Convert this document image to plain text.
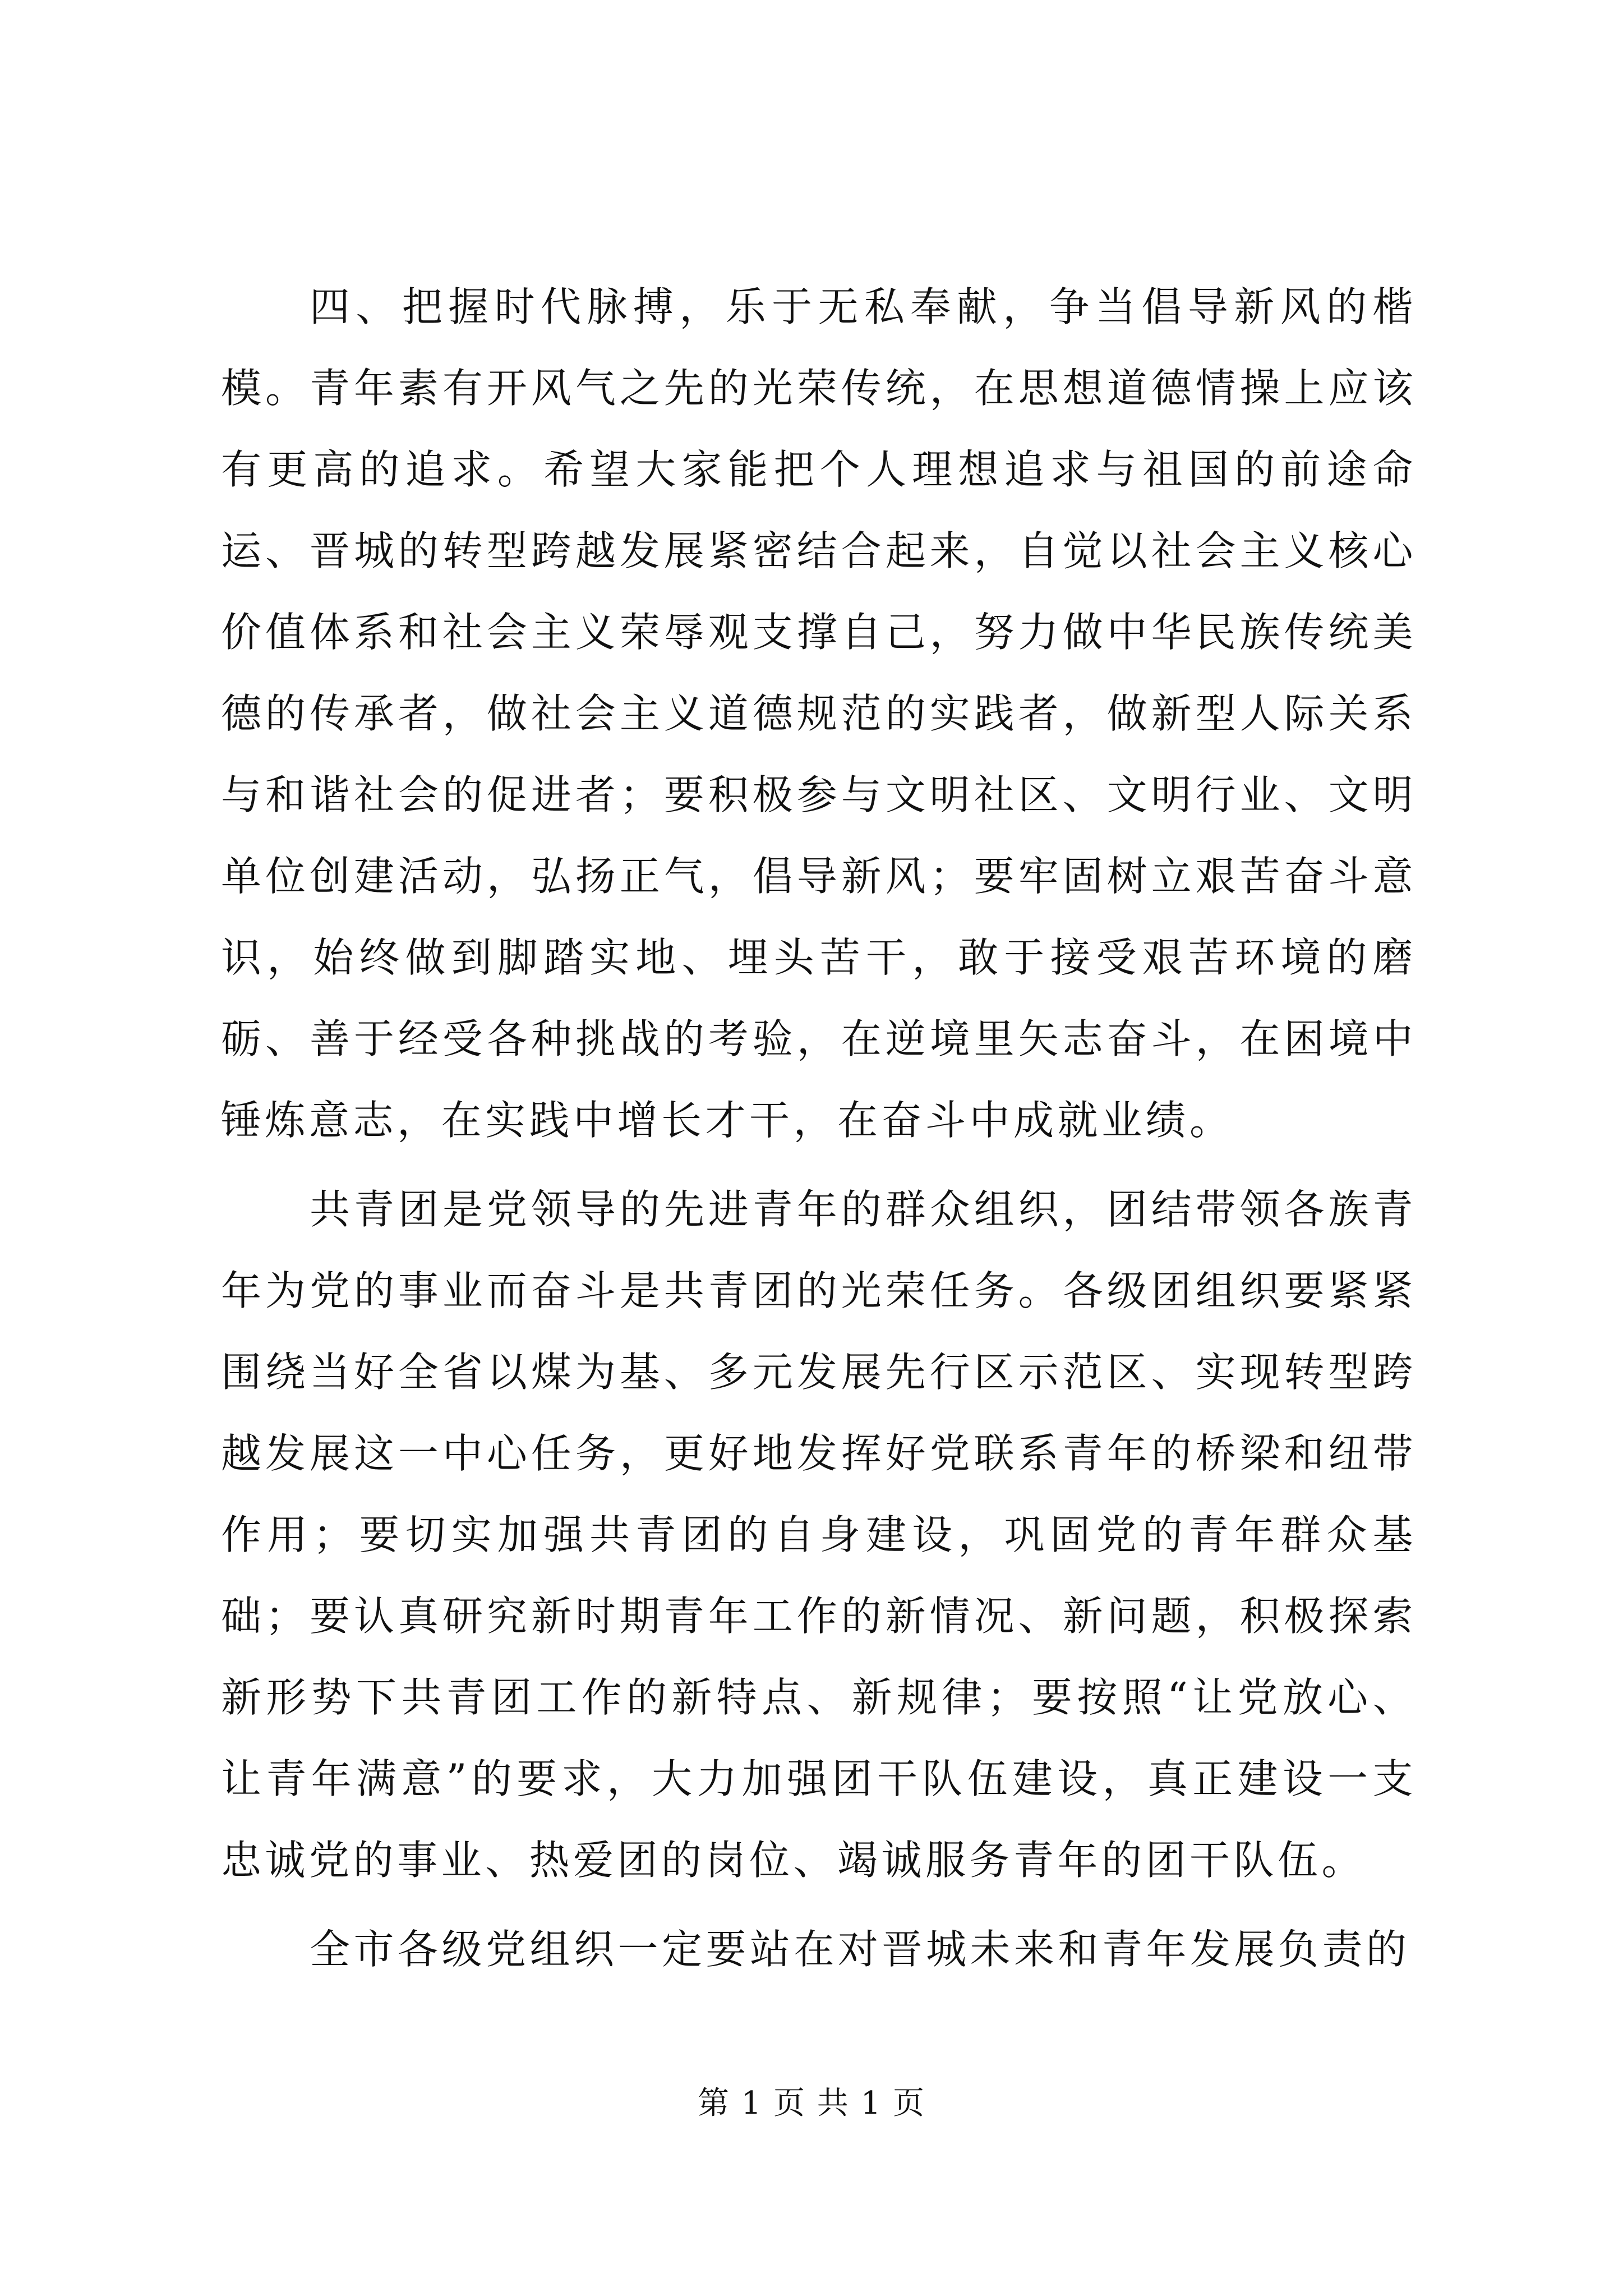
四、把握时代脉搏，乐于无私奉献，争当倡导新风的楷模。青年素有开风气之先的光荣传统，在思想道德情操上应该有更高的追求。希望大家能把个人理想追求与祖国的前途命运、晋城的转型跨越发展紧密结合起来，自觉以社会主义核心价值体系和社会主义荣辱观支撑自己，努力做中华民族传统美德的传承者，做社会主义道德规范的实践者，做新型人际关系与和谐社会的促进者；要积极参与文明社区、文明行业、文明单位创建活动，弘扬正气，倡导新风；要牢固树立艰苦奋斗意识，始终做到脚踏实地、埋头苦干，敢于接受艰苦环境的磨砺、善于经受各种挑战的考验，在逆境里矢志奋斗，在困境中锤炼意志，在实践中增长才干，在奋斗中成就业绩。

共青团是党领导的先进青年的群众组织，团结带领各族青年为党的事业而奋斗是共青团的光荣任务。各级团组织要紧紧围绕当好全省以煤为基、多元发展先行区示范区、实现转型跨越发展这一中心任务，更好地发挥好党联系青年的桥梁和纽带作用；要切实加强共青团的自身建设，巩固党的青年群众基础；要认真研究新时期青年工作的新情况、新问题，积极探索新形势下共青团工作的新特点、新规律；要按照“让党放心、让青年满意”的要求，大力加强团干队伍建设，真正建设一支忠诚党的事业、热爱团的岗位、竭诚服务青年的团干队伍。

全市各级党组织一定要站在对晋城未来和青年发展负责的

第 1 页 共 1 页
